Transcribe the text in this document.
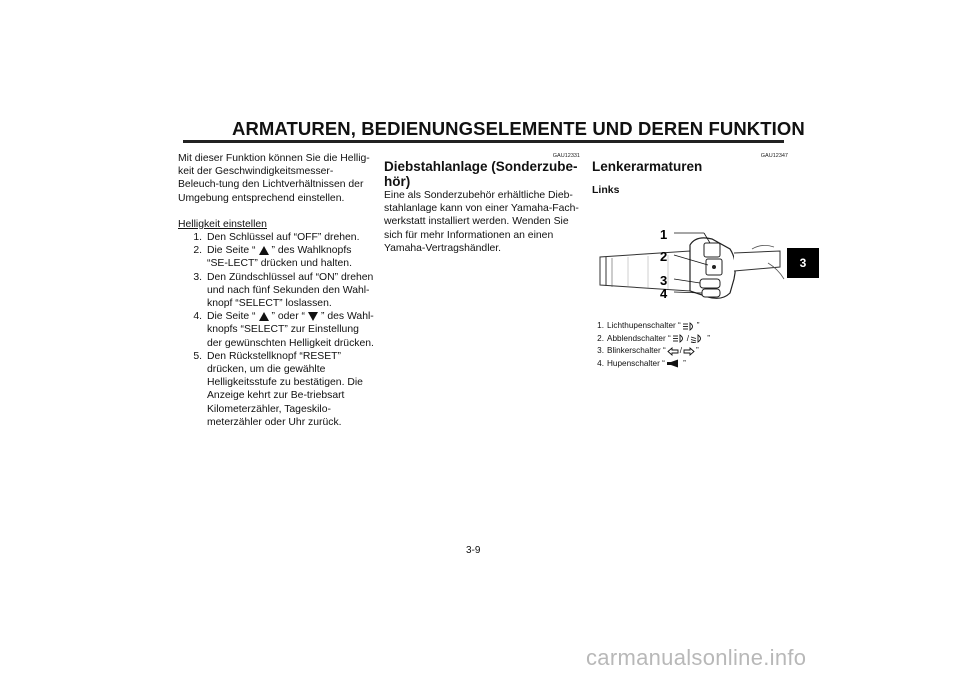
ARMATUREN, BEDIENUNGSELEMENTE UND DEREN FUNKTION
Mit dieser Funktion können Sie die Hellig-keit der Geschwindigkeitsmesser-Beleuch-tung den Lichtverhältnissen der Umgebung entsprechend einstellen.
Helligkeit einstellen
1. Den Schlüssel auf “OFF” drehen.
2. Die Seite “ ” des Wahlknopfs “SE-LECT” drücken und halten.
3. Den Zündschlüssel auf “ON” drehen und nach fünf Sekunden den Wahl-knopf “SELECT” loslassen.
4. Die Seite “ ” oder “ ” des Wahl-knopfs “SELECT” zur Einstellung der gewünschten Helligkeit drücken.
5. Den Rückstellknopf “RESET” drücken, um die gewählte Helligkeitsstufe zu bestätigen. Die Anzeige kehrt zur Be-triebsart Kilometerzähler, Tageskilo-meterzähler oder Uhr zurück.
GAU12331
Diebstahlanlage (Sonderzube-hör)
Eine als Sonderzubehör erhältliche Dieb-stahlanlage kann von einer Yamaha-Fach-werkstatt installiert werden. Wenden Sie sich für mehr Informationen an einen Yamaha-Vertragshändler.
GAU12347
Lenkerarmaturen
Links
1
2
3
4
1. Lichthupenschalter “ ”
2. Abblendschalter “ / ”
3. Blinkerschalter “ / ”
4. Hupenschalter “ ”
3
3-9
carmanualsonline.info
